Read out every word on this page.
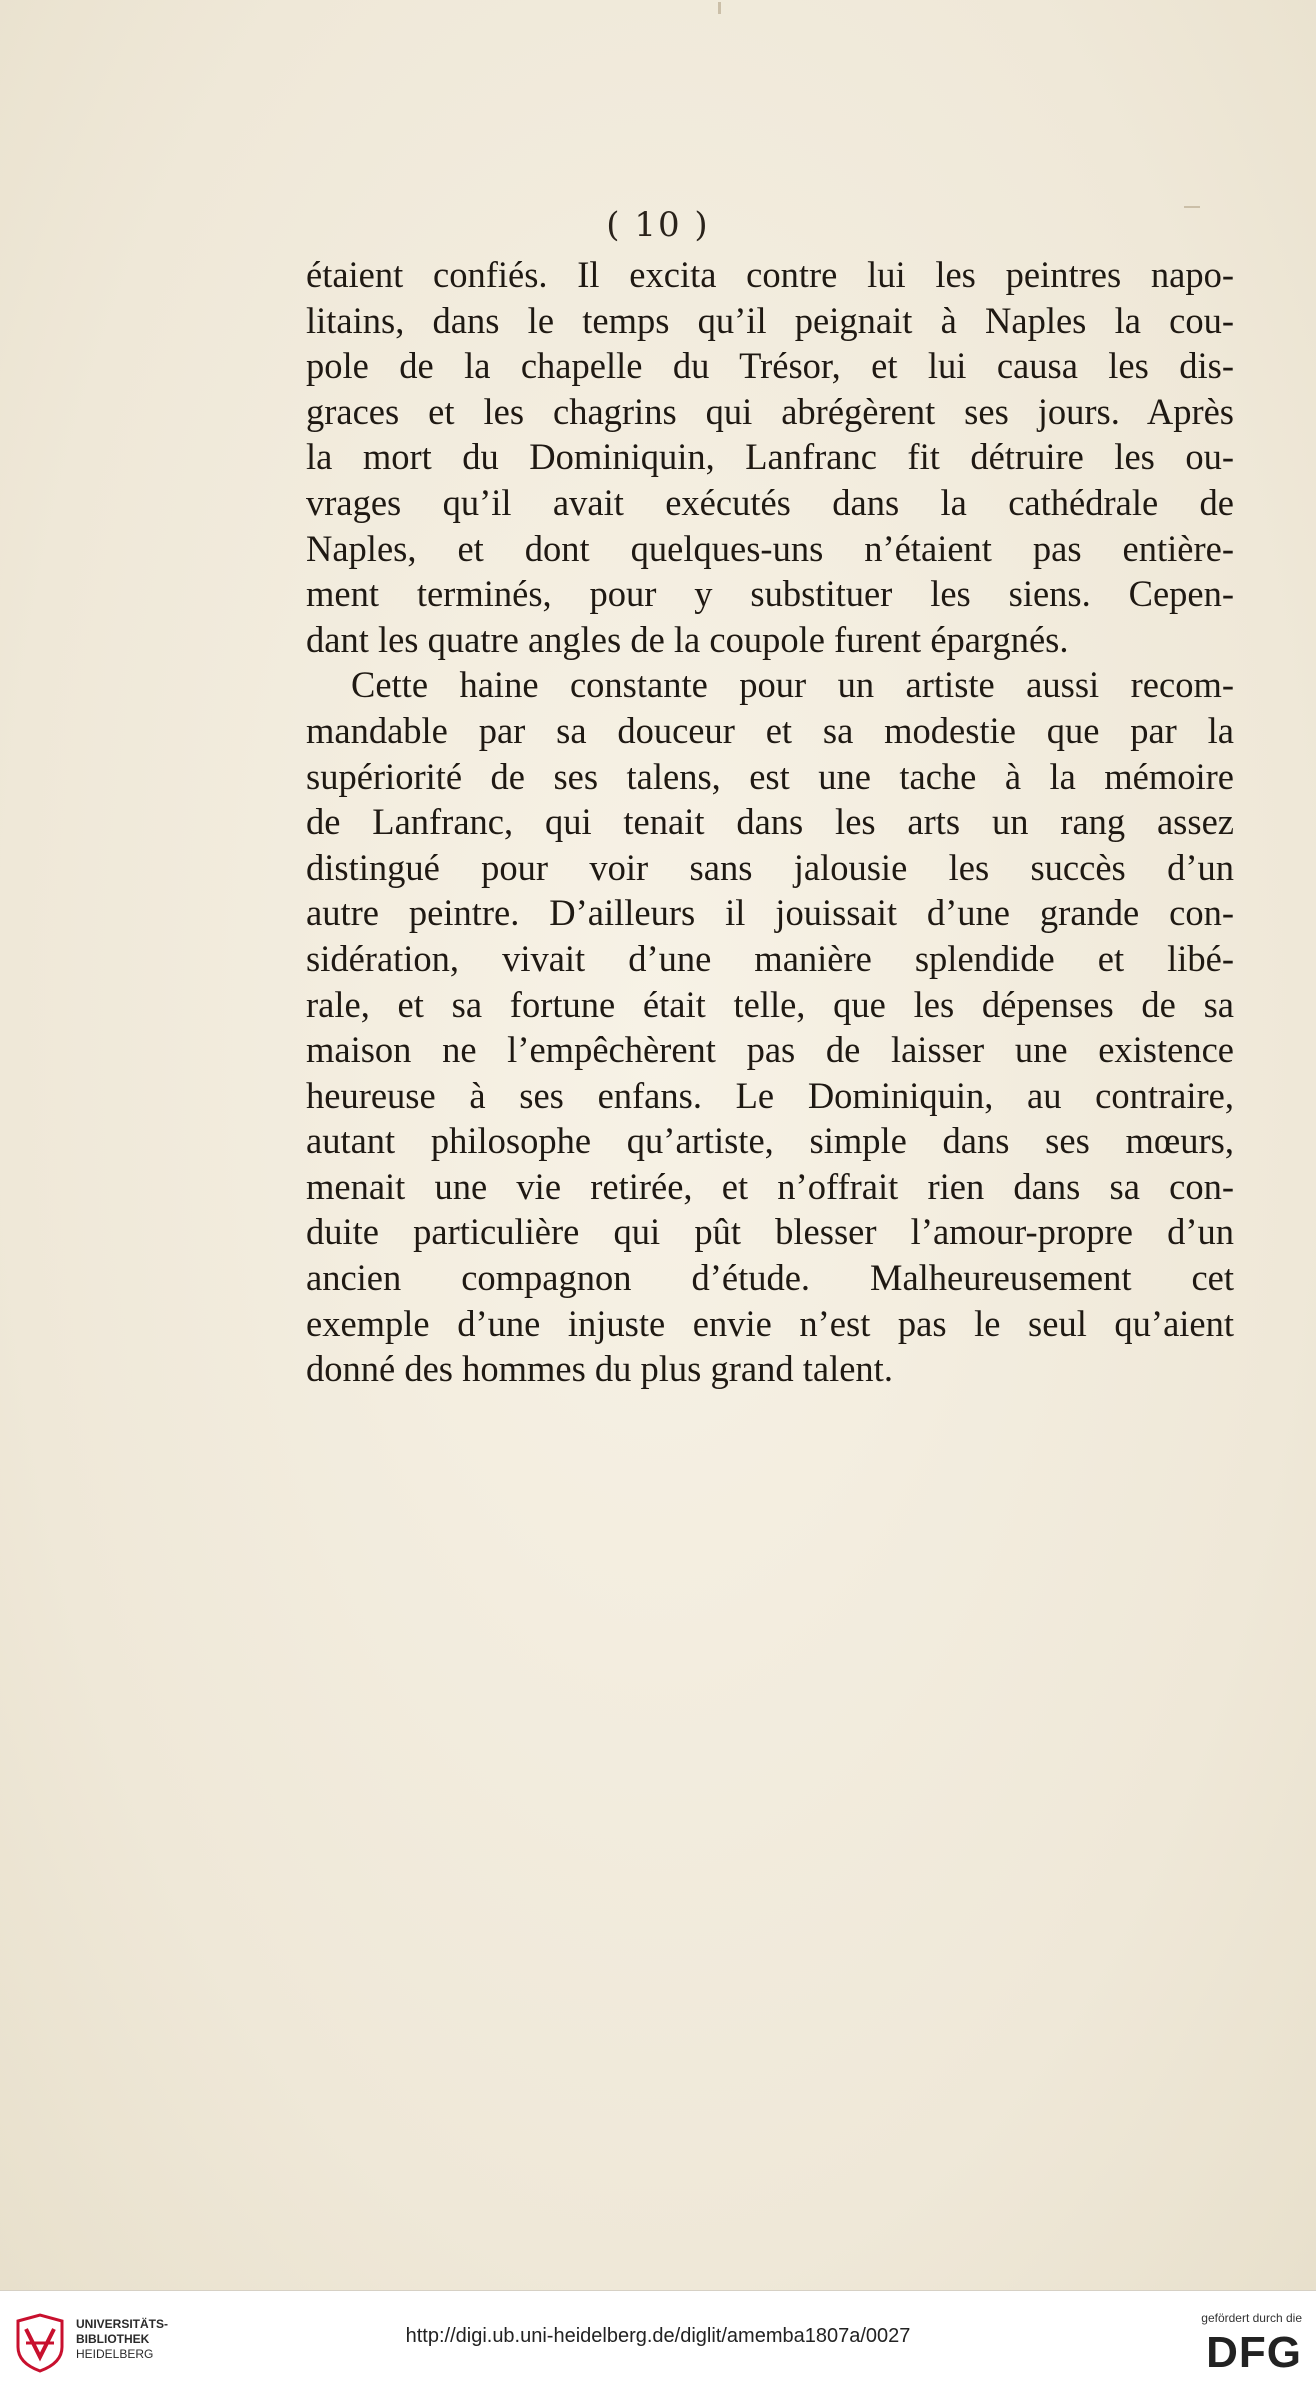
( 10 )
étaient confiés. Il excita contre lui les peintres napo-
litains, dans le temps qu’il peignait à Naples la cou-
pole de la chapelle du Trésor, et lui causa les dis-
graces et les chagrins qui abrégèrent ses jours. Après
la mort du Dominiquin, Lanfranc fit détruire les ou-
vrages qu’il avait exécutés dans la cathédrale de
Naples, et dont quelques-uns n’étaient pas entière-
ment terminés, pour y substituer les siens. Cepen-
dant les quatre angles de la coupole furent épargnés.
Cette haine constante pour un artiste aussi recom-
mandable par sa douceur et sa modestie que par la
supériorité de ses talens, est une tache à la mémoire
de Lanfranc, qui tenait dans les arts un rang assez
distingué pour voir sans jalousie les succès d’un
autre peintre. D’ailleurs il jouissait d’une grande con-
sidération, vivait d’une manière splendide et libé-
rale, et sa fortune était telle, que les dépenses de sa
maison ne l’empêchèrent pas de laisser une existence
heureuse à ses enfans. Le Dominiquin, au contraire,
autant philosophe qu’artiste, simple dans ses mœurs,
menait une vie retirée, et n’offrait rien dans sa con-
duite particulière qui pût blesser l’amour-propre d’un
ancien compagnon d’étude. Malheureusement cet
exemple d’une injuste envie n’est pas le seul qu’aient
donné des hommes du plus grand talent.
UNIVERSITÄTS-
BIBLIOTHEK
HEIDELBERG
http://digi.ub.uni-heidelberg.de/diglit/amemba1807a/0027
gefördert durch die
DFG
